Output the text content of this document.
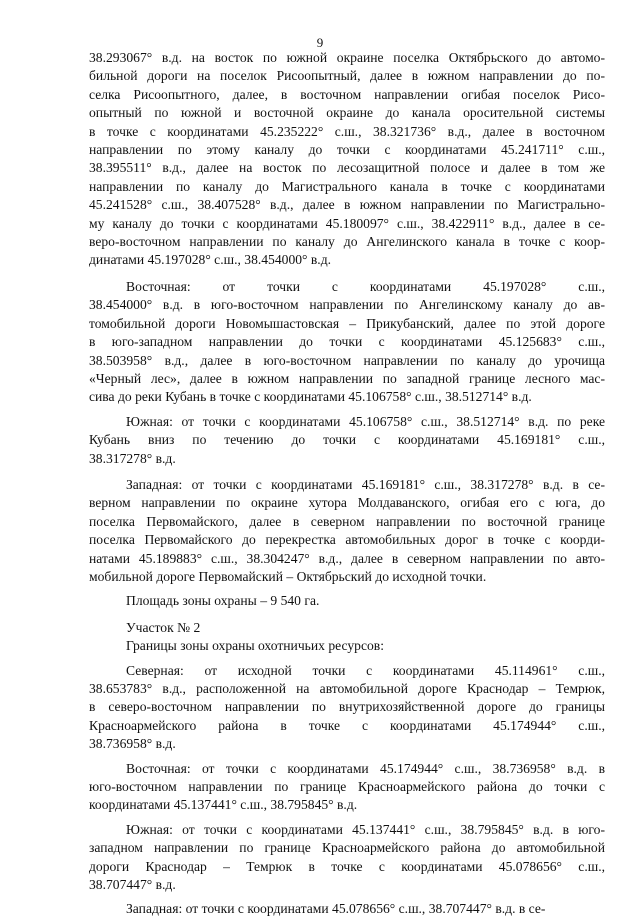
9
38.293067° в.д. на восток по южной окраине поселка Октябрьского до автомо-
бильной дороги на поселок Рисоопытный, далее в южном направлении до по-
селка Рисоопытного, далее, в восточном направлении огибая поселок Рисо-
опытный по южной и восточной окраине до канала оросительной системы
в точке с координатами 45.235222° с.ш., 38.321736° в.д., далее в восточном
направлении по этому каналу до точки с координатами 45.241711° с.ш.,
38.395511° в.д., далее на восток по лесозащитной полосе и далее в том же
направлении по каналу до Магистрального канала в точке с координатами
45.241528° с.ш., 38.407528° в.д., далее в южном направлении по Магистрально-
му каналу до точки с координатами 45.180097° с.ш., 38.422911° в.д., далее в се-
веро-восточном направлении по каналу до Ангелинского канала в точке с коор-
динатами 45.197028° с.ш., 38.454000° в.д.
Восточная: от точки с координатами 45.197028° с.ш.,
38.454000° в.д. в юго-восточном направлении по Ангелинскому каналу до ав-
томобильной дороги Новомышастовская – Прикубанский, далее по этой дороге
в юго-западном направлении до точки с координатами 45.125683° с.ш.,
38.503958° в.д., далее в юго-восточном направлении по каналу до урочища
«Черный лес», далее в южном направлении по западной границе лесного мас-
сива до реки Кубань в точке с координатами 45.106758° с.ш., 38.512714° в.д.
Южная: от точки с координатами 45.106758° с.ш., 38.512714° в.д. по реке
Кубань вниз по течению до точки с координатами 45.169181° с.ш.,
38.317278° в.д.
Западная: от точки с координатами 45.169181° с.ш., 38.317278° в.д. в се-
верном направлении по окраине хутора Молдаванского, огибая его с юга, до
поселка Первомайского, далее в северном направлении по восточной границе
поселка Первомайского до перекрестка автомобильных дорог в точке с коорди-
натами 45.189883° с.ш., 38.304247° в.д., далее в северном направлении по авто-
мобильной дороге Первомайский – Октябрьский до исходной точки.
Площадь зоны охраны – 9 540 га.
Участок № 2
Границы зоны охраны охотничьих ресурсов:
Северная: от исходной точки с координатами 45.114961° с.ш.,
38.653783° в.д., расположенной на автомобильной дороге Краснодар – Темрюк,
в северо-восточном направлении по внутрихозяйственной дороге до границы
Красноармейского района в точке с координатами 45.174944° с.ш.,
38.736958° в.д.
Восточная: от точки с координатами 45.174944° с.ш., 38.736958° в.д. в
юго-восточном направлении по границе Красноармейского района до точки с
координатами 45.137441° с.ш., 38.795845° в.д.
Южная: от точки с координатами 45.137441° с.ш., 38.795845° в.д. в юго-
западном направлении по границе Красноармейского района до автомобильной
дороги Краснодар – Темрюк в точке с координатами 45.078656° с.ш.,
38.707447° в.д.
Западная: от точки с координатами 45.078656° с.ш., 38.707447° в.д. в се-
